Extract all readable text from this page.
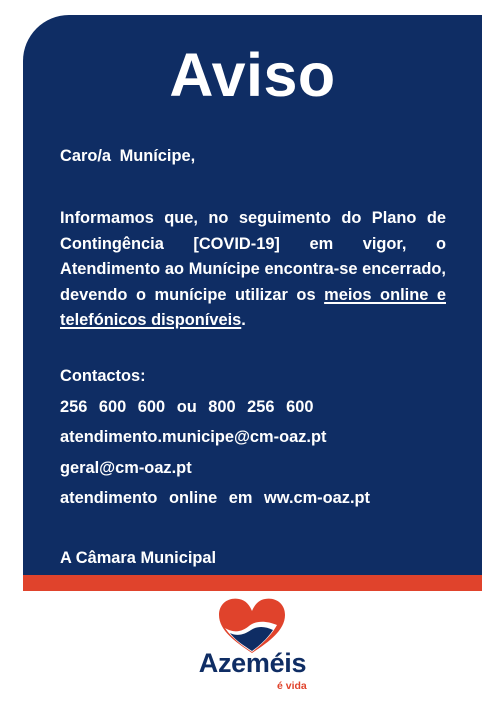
Aviso
Caro/a Munícipe,
Informamos que, no seguimento do Plano de Contingência [COVID-19] em vigor, o Atendimento ao Munícipe encontra-se encerrado, devendo o munícipe utilizar os meios online e telefónicos disponíveis.
Contactos:
256 600 600 ou 800 256 600
atendimento.municipe@cm-oaz.pt
geral@cm-oaz.pt
atendimento online em ww.cm-oaz.pt
A Câmara Municipal
Azeméis
é vida
